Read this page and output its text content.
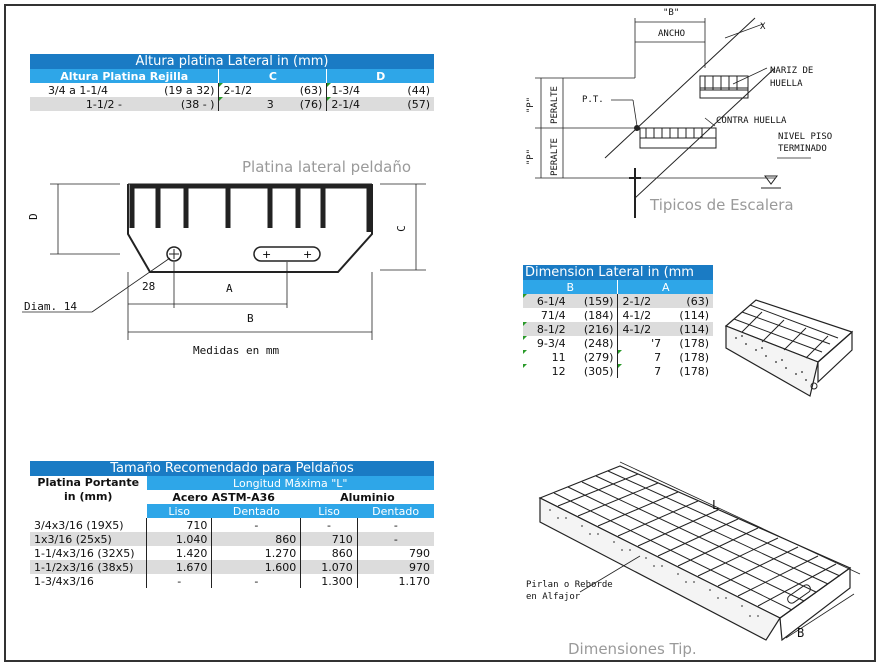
Altura platina Lateral in (mm)					
Altura Platina Rejilla		C		D	
3/4 a 1-1/4	(19 a 32)	2-1/2	(63)	1-3/4	(44)
1-1/2 -	(38 - )	3	(76)	2-1/4	(57)
Platina lateral peldaño
+	+
D
C
28	A
B
Diam. 14
Medidas en mm
Tamaño Recomendado para Peldaños				

Platina Portante
in (mm)	Longitud Máxima "L"			
	Acero ASTM-A36		Aluminio	
	Liso	Dentado	Liso	Dentado
3/4x3/16 (19X5)	710	-	-	-
1x3/16 (25x5)	1.040	860	710	-
1-1/4x3/16 (32X5)	1.420	1.270	860	790
1-1/2x3/16 (38x5)	1.670	1.600	1.070	970
1-3/4x3/16	-	-	1.300	1.170
"B"
ANCHO
X
NARIZ DE
HUELLA
P.T.
CONTRA HUELLA
NIVEL PISO
TERMINADO
"P" PERALTE
"P" PERALTE
Tipicos de Escalera
Dimension Lateral in (mm			
B		A	
6-1/4	(159)	2-1/2	(63)
71/4	(184)	4-1/2	(114)
8-1/2	(216)	4-1/2	(114)
9-3/4	(248)	'7	(178)
11	(279)	7	(178)
12	(305)	7	(178)
L
B
Pirlan o Reborde
en Alfajor
Dimensiones Tip.
